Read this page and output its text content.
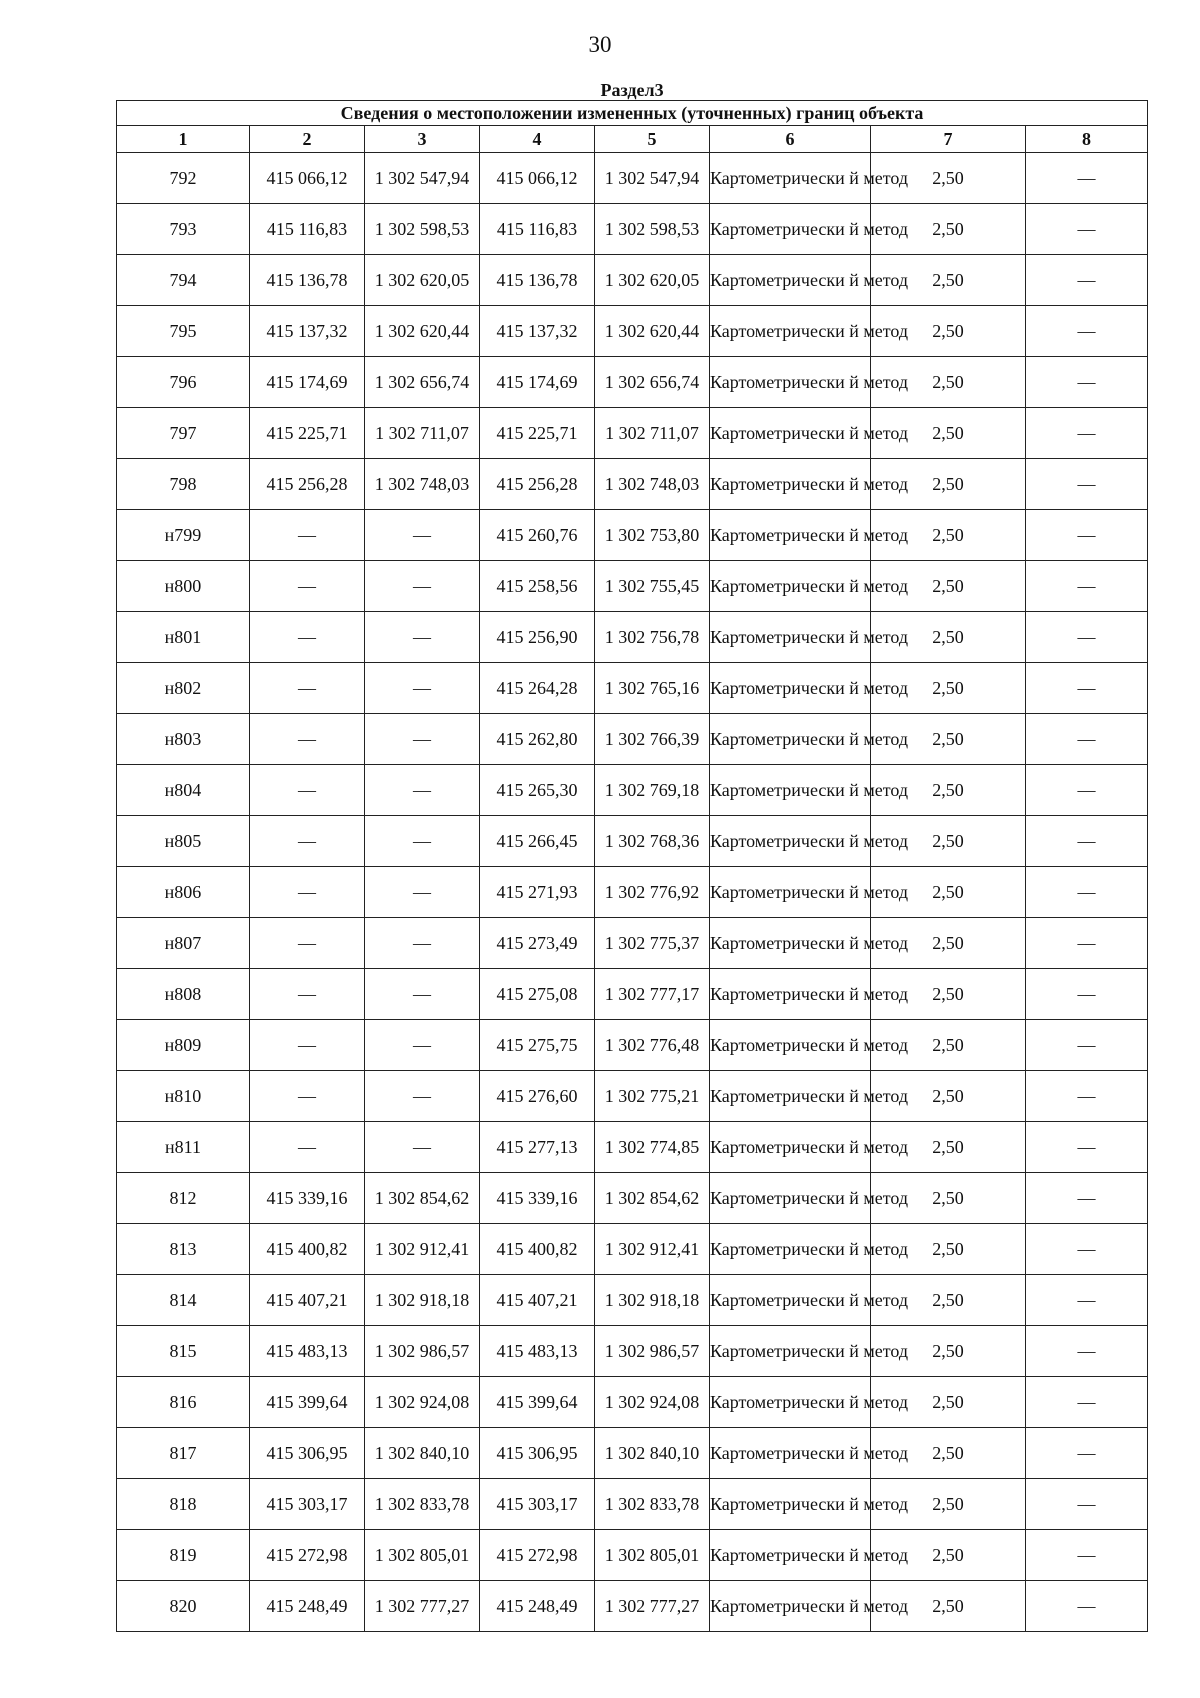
30
Раздел3							
Сведения о местоположении измененных (уточненных) границ объекта							
1	2	3	4	5	6	7	8
792	415 066,12	1 302 547,94	415 066,12	1 302 547,94	Картометрически й метод	2,50	—
793	415 116,83	1 302 598,53	415 116,83	1 302 598,53	Картометрически й метод	2,50	—
794	415 136,78	1 302 620,05	415 136,78	1 302 620,05	Картометрически й метод	2,50	—
795	415 137,32	1 302 620,44	415 137,32	1 302 620,44	Картометрически й метод	2,50	—
796	415 174,69	1 302 656,74	415 174,69	1 302 656,74	Картометрически й метод	2,50	—
797	415 225,71	1 302 711,07	415 225,71	1 302 711,07	Картометрически й метод	2,50	—
798	415 256,28	1 302 748,03	415 256,28	1 302 748,03	Картометрически й метод	2,50	—
н799	—	—	415 260,76	1 302 753,80	Картометрически й метод	2,50	—
н800	—	—	415 258,56	1 302 755,45	Картометрически й метод	2,50	—
н801	—	—	415 256,90	1 302 756,78	Картометрически й метод	2,50	—
н802	—	—	415 264,28	1 302 765,16	Картометрически й метод	2,50	—
н803	—	—	415 262,80	1 302 766,39	Картометрически й метод	2,50	—
н804	—	—	415 265,30	1 302 769,18	Картометрически й метод	2,50	—
н805	—	—	415 266,45	1 302 768,36	Картометрически й метод	2,50	—
н806	—	—	415 271,93	1 302 776,92	Картометрически й метод	2,50	—
н807	—	—	415 273,49	1 302 775,37	Картометрически й метод	2,50	—
н808	—	—	415 275,08	1 302 777,17	Картометрически й метод	2,50	—
н809	—	—	415 275,75	1 302 776,48	Картометрически й метод	2,50	—
н810	—	—	415 276,60	1 302 775,21	Картометрически й метод	2,50	—
н811	—	—	415 277,13	1 302 774,85	Картометрически й метод	2,50	—
812	415 339,16	1 302 854,62	415 339,16	1 302 854,62	Картометрически й метод	2,50	—
813	415 400,82	1 302 912,41	415 400,82	1 302 912,41	Картометрически й метод	2,50	—
814	415 407,21	1 302 918,18	415 407,21	1 302 918,18	Картометрически й метод	2,50	—
815	415 483,13	1 302 986,57	415 483,13	1 302 986,57	Картометрически й метод	2,50	—
816	415 399,64	1 302 924,08	415 399,64	1 302 924,08	Картометрически й метод	2,50	—
817	415 306,95	1 302 840,10	415 306,95	1 302 840,10	Картометрически й метод	2,50	—
818	415 303,17	1 302 833,78	415 303,17	1 302 833,78	Картометрически й метод	2,50	—
819	415 272,98	1 302 805,01	415 272,98	1 302 805,01	Картометрически й метод	2,50	—
820	415 248,49	1 302 777,27	415 248,49	1 302 777,27	Картометрически й метод	2,50	—
